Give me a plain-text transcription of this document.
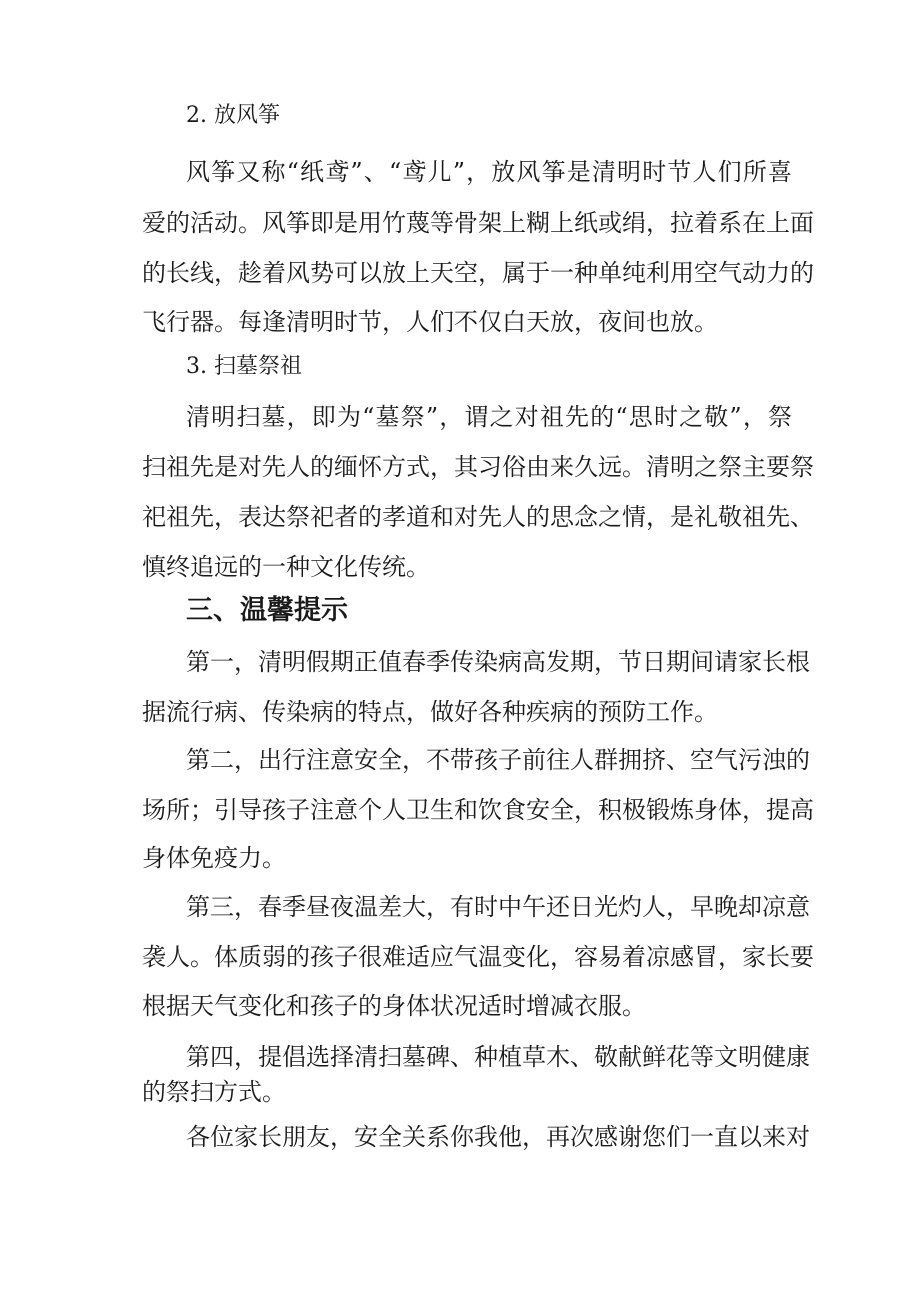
2. 放风筝
风筝又称“纸鸢”、“鸢儿”，放风筝是清明时节人们所喜
爱的活动。风筝即是用竹蔑等骨架上糊上纸或绢，拉着系在上面
的长线，趁着风势可以放上天空，属于一种单纯利用空气动力的
飞行器。每逢清明时节，人们不仅白天放，夜间也放。
3. 扫墓祭祖
清明扫墓，即为“墓祭”，谓之对祖先的“思时之敬”，祭
扫祖先是对先人的缅怀方式，其习俗由来久远。清明之祭主要祭
祀祖先，表达祭祀者的孝道和对先人的思念之情，是礼敬祖先、
慎终追远的一种文化传统。
三、温馨提示
第一，清明假期正值春季传染病高发期，节日期间请家长根
据流行病、传染病的特点，做好各种疾病的预防工作。
第二，出行注意安全，不带孩子前往人群拥挤、空气污浊的
场所；引导孩子注意个人卫生和饮食安全，积极锻炼身体，提高
身体免疫力。
第三，春季昼夜温差大，有时中午还日光灼人，早晚却凉意
袭人。体质弱的孩子很难适应气温变化，容易着凉感冒，家长要
根据天气变化和孩子的身体状况适时增减衣服。
第四，提倡选择清扫墓碑、种植草木、敬献鲜花等文明健康
的祭扫方式。
各位家长朋友，安全关系你我他，再次感谢您们一直以来对
